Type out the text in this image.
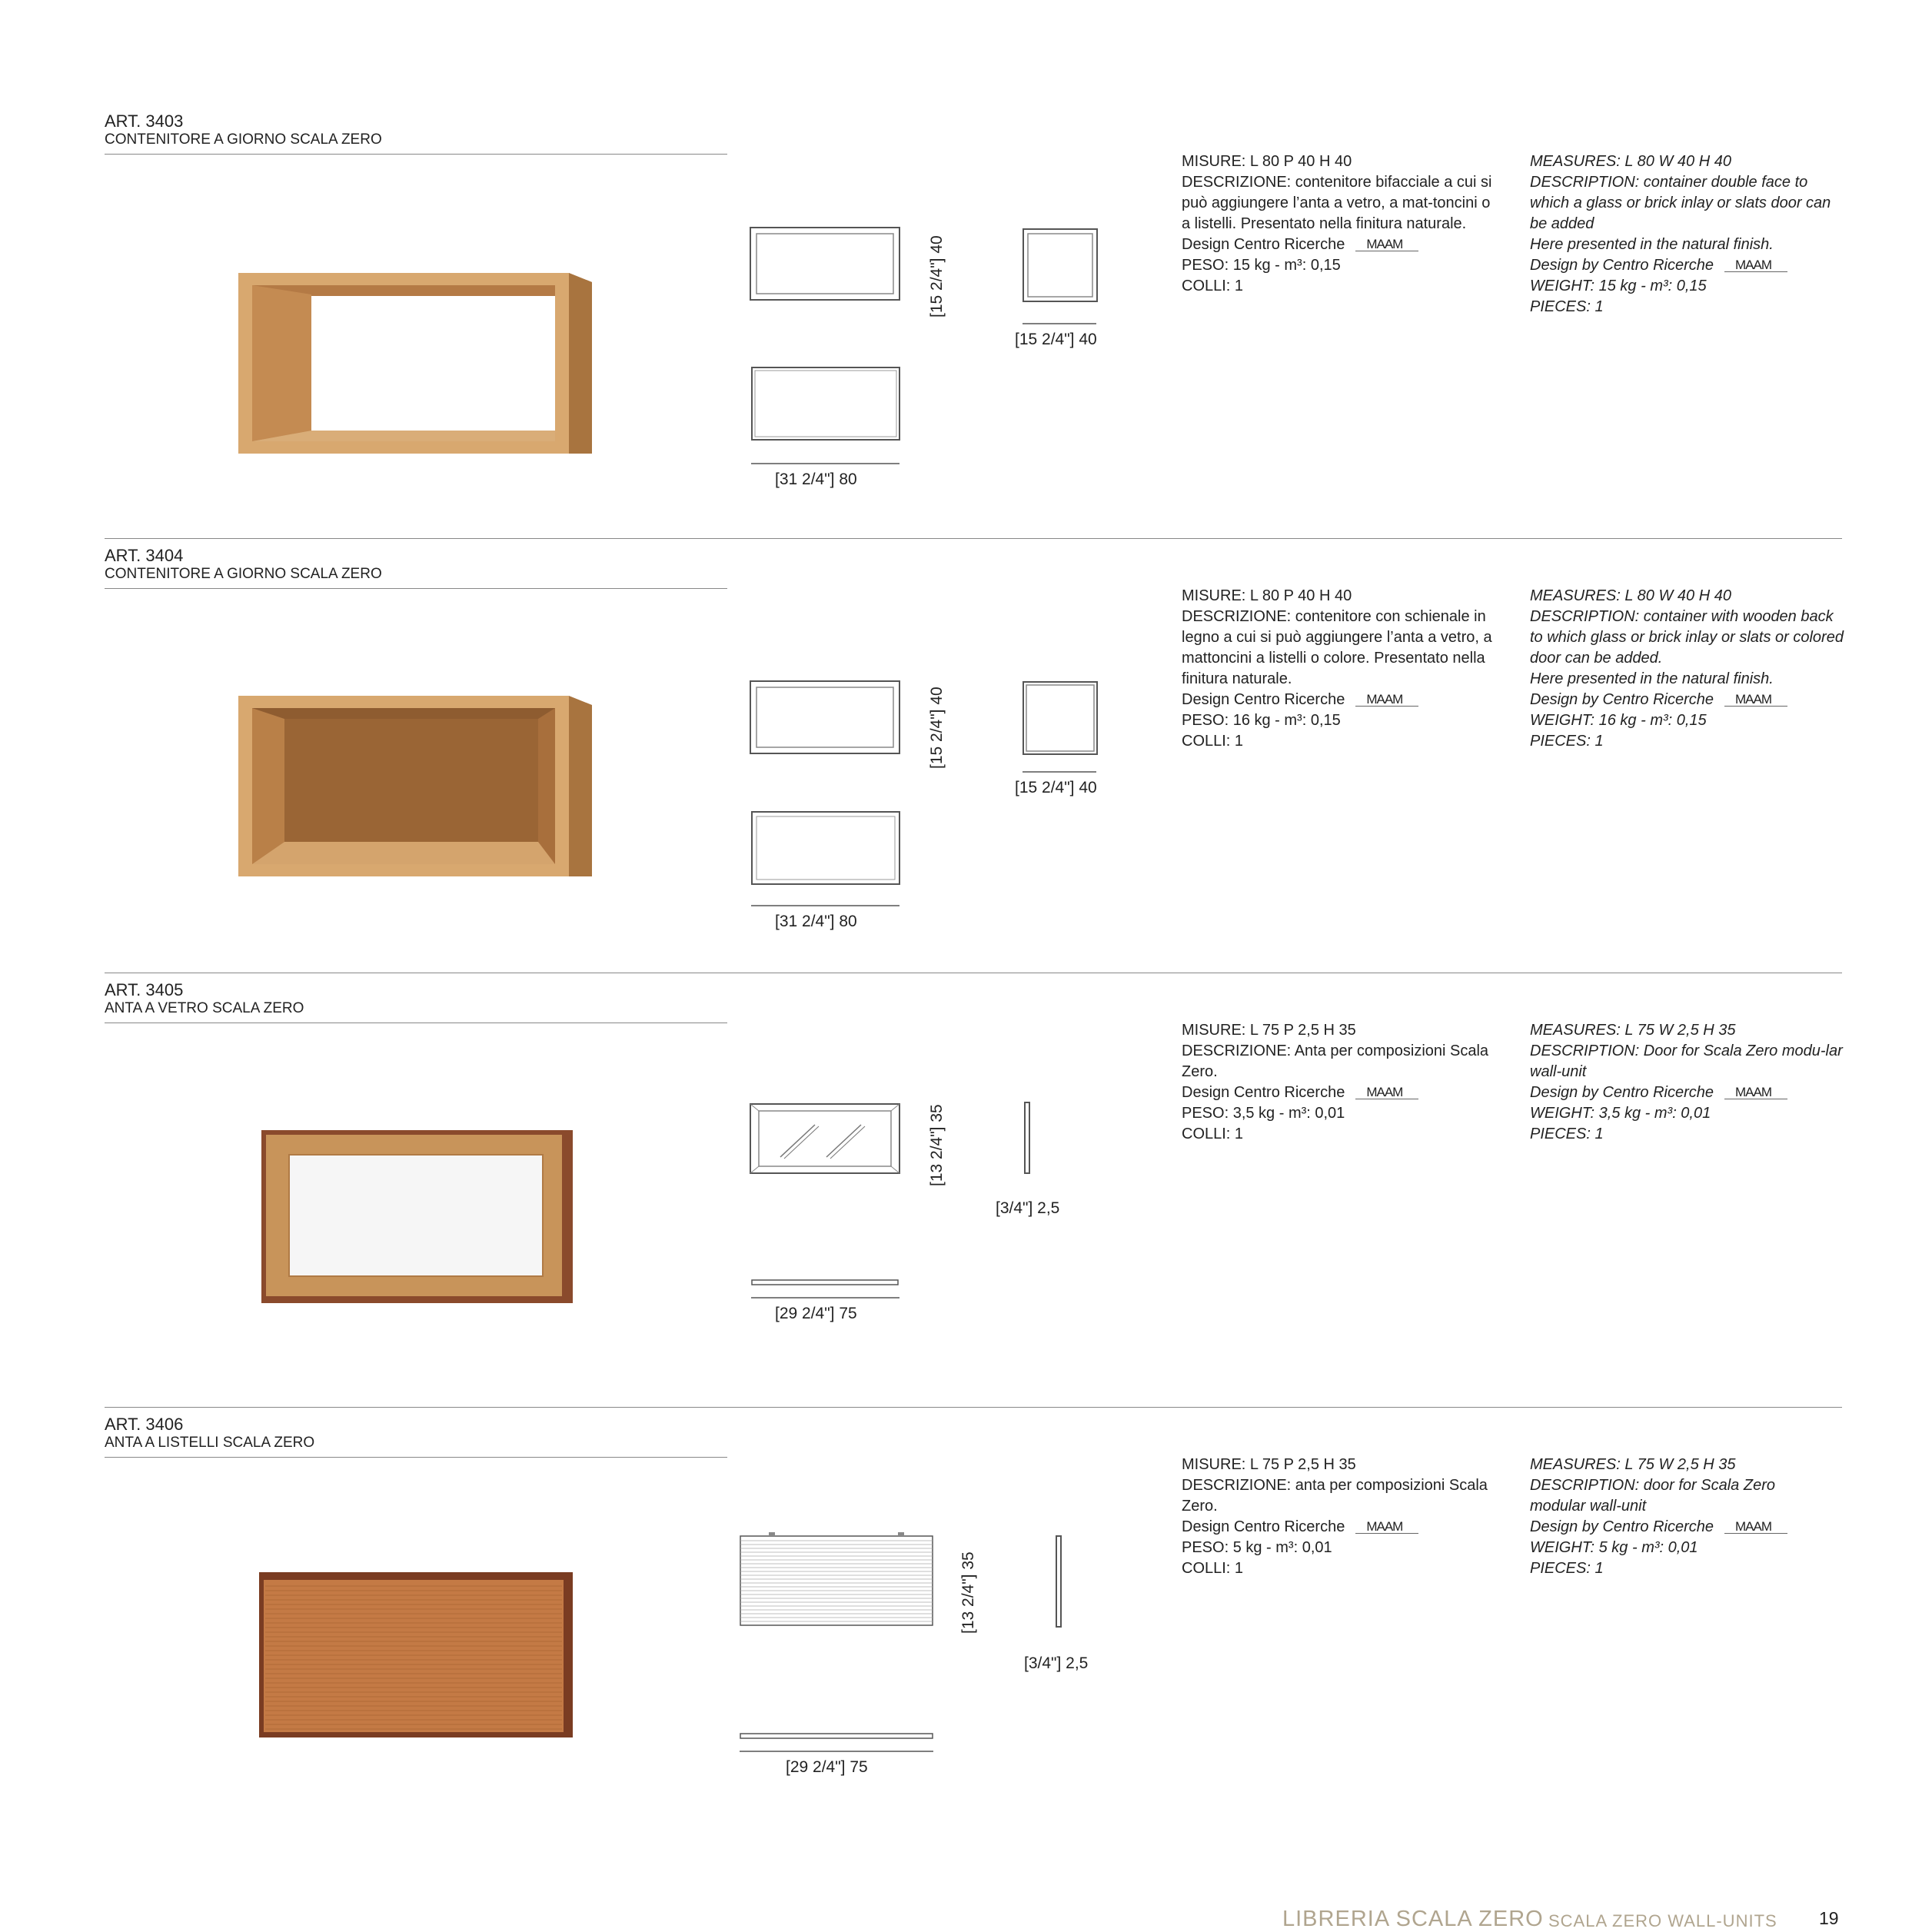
ART. 3403
CONTENITORE A GIORNO SCALA ZERO
[15 2/4"] 40
[15 2/4"] 40
[31 2/4"] 80
MISURE: L 80 P 40 H 40
DESCRIZIONE: contenitore bifacciale a cui si può aggiungere l’anta a vetro, a mat-toncini o a listelli. Presentato nella finitura naturale.
Design Centro Ricerche MAAM
PESO: 15 kg - m³: 0,15
COLLI: 1
MEASURES: L 80 W 40 H 40
DESCRIPTION: container double face to which a glass or brick inlay or slats door can be added
Here presented in the natural finish.
Design by Centro Ricerche MAAM
WEIGHT: 15 kg - m³: 0,15
PIECES: 1
ART. 3404
CONTENITORE A GIORNO SCALA ZERO
[15 2/4"] 40
[15 2/4"] 40
[31 2/4"] 80
MISURE: L 80 P 40 H 40
DESCRIZIONE: contenitore con schienale in legno a cui si può aggiungere l’anta a vetro, a mattoncini a listelli o colore. Presentato nella finitura naturale.
Design Centro Ricerche MAAM
PESO: 16 kg - m³: 0,15
COLLI: 1
MEASURES: L 80 W 40 H 40
DESCRIPTION: container with wooden back to which glass or brick inlay or slats or colored door can be added.
Here presented in the natural finish.
Design by Centro Ricerche MAAM
WEIGHT: 16 kg - m³: 0,15
PIECES: 1
ART. 3405
ANTA A VETRO SCALA ZERO
[13 2/4"] 35
[3/4"] 2,5
[29 2/4"] 75
MISURE: L 75 P 2,5 H 35
DESCRIZIONE: Anta per composizioni Scala Zero.
Design Centro Ricerche MAAM
PESO: 3,5 kg - m³: 0,01
COLLI: 1
MEASURES: L 75 W 2,5 H 35
DESCRIPTION: Door for Scala Zero modu-lar wall-unit
Design by Centro Ricerche MAAM
WEIGHT: 3,5 kg - m³: 0,01
PIECES: 1
ART. 3406
ANTA A LISTELLI SCALA ZERO
[13 2/4"] 35
[3/4"] 2,5
[29 2/4"] 75
MISURE: L 75 P 2,5 H 35
DESCRIZIONE: anta per composizioni Scala Zero.
Design Centro Ricerche MAAM
PESO: 5 kg - m³: 0,01
COLLI: 1
MEASURES: L 75 W 2,5 H 35
DESCRIPTION: door for Scala Zero modular wall-unit
Design by Centro Ricerche MAAM
WEIGHT: 5 kg - m³: 0,01
PIECES: 1
LIBRERIA SCALA ZERO SCALA ZERO WALL-UNITS 19
